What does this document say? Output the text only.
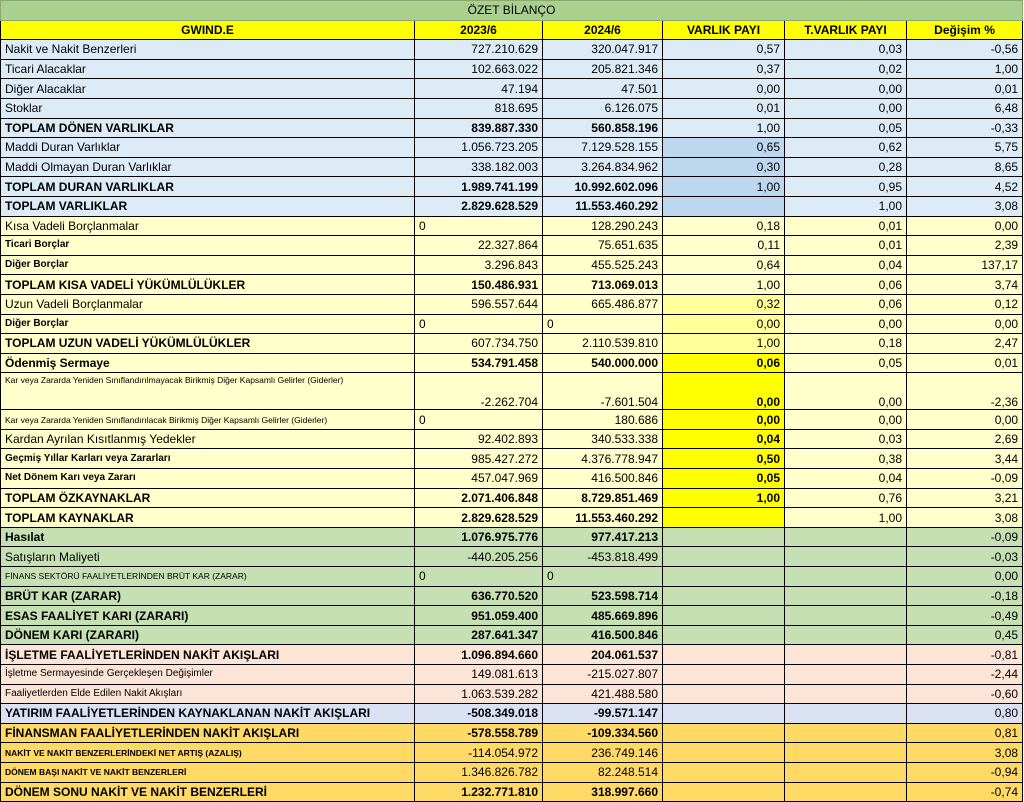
ÖZET BİLANÇO					
GWIND.E	2023/6	2024/6	VARLIK PAYI	T.VARLIK PAYI	Değişim %
Nakit ve Nakit Benzerleri	727.210.629	320.047.917	0,57	0,03	-0,56
Ticari Alacaklar	102.663.022	205.821.346	0,37	0,02	1,00
Diğer Alacaklar	47.194	47.501	0,00	0,00	0,01
Stoklar	818.695	6.126.075	0,01	0,00	6,48
TOPLAM DÖNEN VARLIKLAR	839.887.330	560.858.196	1,00	0,05	-0,33
Maddi Duran Varlıklar	1.056.723.205	7.129.528.155	0,65	0,62	5,75
Maddi Olmayan Duran Varlıklar	338.182.003	3.264.834.962	0,30	0,28	8,65
TOPLAM DURAN VARLIKLAR	1.989.741.199	10.992.602.096	1,00	0,95	4,52
TOPLAM VARLIKLAR	2.829.628.529	11.553.460.292		1,00	3,08
Kısa Vadeli Borçlanmalar	0	128.290.243	0,18	0,01	0,00
Ticari Borçlar	22.327.864	75.651.635	0,11	0,01	2,39
Diğer Borçlar	3.296.843	455.525.243	0,64	0,04	137,17
TOPLAM KISA VADELİ YÜKÜMLÜLÜKLER	150.486.931	713.069.013	1,00	0,06	3,74
Uzun Vadeli Borçlanmalar	596.557.644	665.486.877	0,32	0,06	0,12
Diğer Borçlar	0	0	0,00	0,00	0,00
TOPLAM UZUN VADELİ YÜKÜMLÜLÜKLER	607.734.750	2.110.539.810	1,00	0,18	2,47
Ödenmiş Sermaye	534.791.458	540.000.000	0,06	0,05	0,01
Kar veya Zararda Yeniden Sınıflandırılmayacak Birikmiş Diğer Kapsamlı Gelirler (Giderler)	-2.262.704	-7.601.504	0,00	0,00	-2,36
Kar veya Zararda Yeniden Sınıflandırılacak Birikmiş Diğer Kapsamlı Gelirler (Giderler)	0	180.686	0,00	0,00	0,00
Kardan Ayrılan Kısıtlanmış Yedekler	92.402.893	340.533.338	0,04	0,03	2,69
Geçmiş Yıllar Karları veya Zararları	985.427.272	4.376.778.947	0,50	0,38	3,44
Net Dönem Karı veya Zararı	457.047.969	416.500.846	0,05	0,04	-0,09
TOPLAM ÖZKAYNAKLAR	2.071.406.848	8.729.851.469	1,00	0,76	3,21
TOPLAM KAYNAKLAR	2.829.628.529	11.553.460.292		1,00	3,08
Hasılat	1.076.975.776	977.417.213			-0,09
Satışların Maliyeti	-440.205.256	-453.818.499			-0,03
FİNANS SEKTÖRÜ FAALİYETLERİNDEN BRÜT KAR (ZARAR)	0	0			0,00
BRÜT KAR (ZARAR)	636.770.520	523.598.714			-0,18
ESAS FAALİYET KARI (ZARARI)	951.059.400	485.669.896			-0,49
DÖNEM KARI (ZARARI)	287.641.347	416.500.846			0,45
İŞLETME FAALİYETLERİNDEN NAKİT AKIŞLARI	1.096.894.660	204.061.537			-0,81
İşletme Sermayesinde Gerçekleşen Değişimler	149.081.613	-215.027.807			-2,44
Faaliyetlerden Elde Edilen Nakit Akışları	1.063.539.282	421.488.580			-0,60
YATIRIM FAALİYETLERİNDEN KAYNAKLANAN NAKİT AKIŞLARI	-508.349.018	-99.571.147			0,80
FİNANSMAN FAALİYETLERİNDEN NAKİT AKIŞLARI	-578.558.789	-109.334.560			0,81
NAKİT VE NAKİT BENZERLERİNDEKİ NET ARTIŞ (AZALIŞ)	-114.054.972	236.749.146			3,08
DÖNEM BAŞI NAKİT VE NAKİT BENZERLERİ	1.346.826.782	82.248.514			-0,94
DÖNEM SONU NAKİT VE NAKİT BENZERLERİ	1.232.771.810	318.997.660			-0,74
